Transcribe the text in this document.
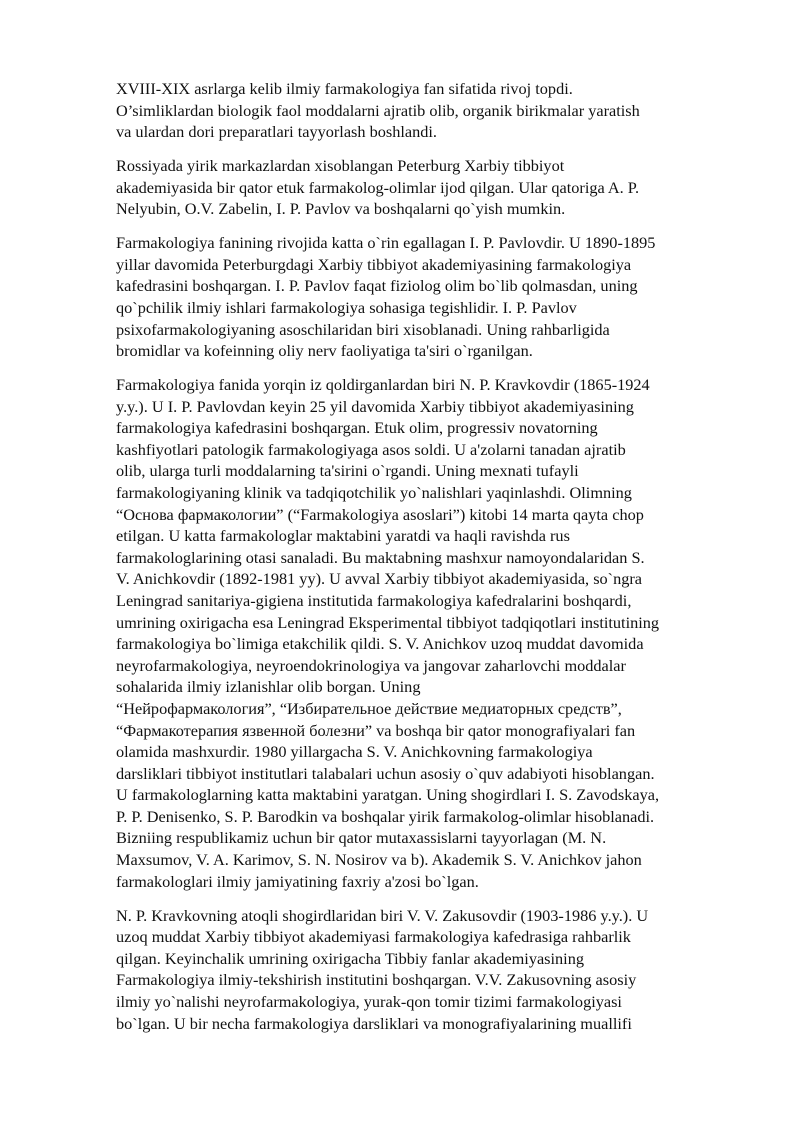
XVIII-XIX asrlarga kelib ilmiy farmakologiya fan sifatida rivoj topdi.
O’simliklardan biologik faol moddalarni ajratib olib, organik birikmalar yaratish
va ulardan dori preparatlari tayyorlash boshlandi.

Rossiyada yirik markazlardan xisoblangan Peterburg Xarbiy tibbiyot
akademiyasida bir qator etuk farmakolog-olimlar ijod qilgan. Ular qatoriga A. P.
Nelyubin, O.V. Zabelin, I. P. Pavlov va boshqalarni qo`yish mumkin.

Farmakologiya fanining rivojida katta o`rin egallagan I. P. Pavlovdir. U 1890-1895
yillar davomida Peterburgdagi Xarbiy tibbiyot akademiyasining farmakologiya
kafedrasini boshqargan. I. P. Pavlov faqat fiziolog olim bo`lib qolmasdan, uning
qo`pchilik ilmiy ishlari farmakologiya sohasiga tegishlidir. I. P. Pavlov
psixofarmakologiyaning asoschilaridan biri xisoblanadi. Uning rahbarligida
bromidlar va kofeinning oliy nerv faoliyatiga ta'siri o`rganilgan.

Farmakologiya fanida yorqin iz qoldirganlardan biri N. P. Kravkovdir (1865-1924
y.y.). U I. P. Pavlovdan keyin 25 yil davomida Xarbiy tibbiyot akademiyasining
farmakologiya kafedrasini boshqargan. Etuk olim, progressiv novatorning
kashfiyotlari patologik farmakologiyaga asos soldi. U a'zolarni tanadan ajratib
olib, ularga turli moddalarning ta'sirini o`rgandi. Uning mexnati tufayli
farmakologiyaning klinik va tadqiqotchilik yo`nalishlari yaqinlashdi. Olimning
“Основа фармакологии” (“Farmakologiya asoslari”) kitobi 14 marta qayta chop
etilgan. U katta farmakologlar maktabini yaratdi va haqli ravishda rus
farmakologlarining otasi sanaladi. Bu maktabning mashxur namoyondalaridan S.
V. Anichkovdir (1892-1981 yy). U avval Xarbiy tibbiyot akademiyasida, so`ngra
Leningrad sanitariya-gigiena institutida farmakologiya kafedralarini boshqardi,
umrining oxirigacha esa Leningrad Eksperimental tibbiyot tadqiqotlari institutining
farmakologiya bo`limiga etakchilik qildi. S. V. Anichkov uzoq muddat davomida
neyrofarmakologiya, neyroendokrinologiya va jangovar zaharlovchi moddalar
sohalarida ilmiy izlanishlar olib borgan. Uning
“Нейрофармакология”, “Избирательное действие медиаторных средств”,
“Фармакотерапия язвенной болезни” va boshqa bir qator monografiyalari fan
olamida mashxurdir. 1980 yillargacha S. V. Anichkovning farmakologiya
darsliklari tibbiyot institutlari talabalari uchun asosiy o`quv adabiyoti hisoblangan.
U farmakologlarning katta maktabini yaratgan. Uning shogirdlari I. S. Zavodskaya,
P. P. Denisenko, S. P. Barodkin va boshqalar yirik farmakolog-olimlar hisoblanadi.
Bizniing respublikamiz uchun bir qator mutaxassislarni tayyorlagan (M. N.
Maxsumov, V. A. Karimov, S. N. Nosirov va b). Akademik S. V. Anichkov jahon
farmakologlari ilmiy jamiyatining faxriy a'zosi bo`lgan.

N. P. Kravkovning atoqli shogirdlaridan biri V. V. Zakusovdir (1903-1986 y.y.). U
uzoq muddat Xarbiy tibbiyot akademiyasi farmakologiya kafedrasiga rahbarlik
qilgan. Keyinchalik umrining oxirigacha Tibbiy fanlar akademiyasining
Farmakologiya ilmiy-tekshirish institutini boshqargan. V.V. Zakusovning asosiy
ilmiy yo`nalishi neyrofarmakologiya, yurak-qon tomir tizimi farmakologiyasi
bo`lgan. U bir necha farmakologiya darsliklari va monografiyalarining muallifi
